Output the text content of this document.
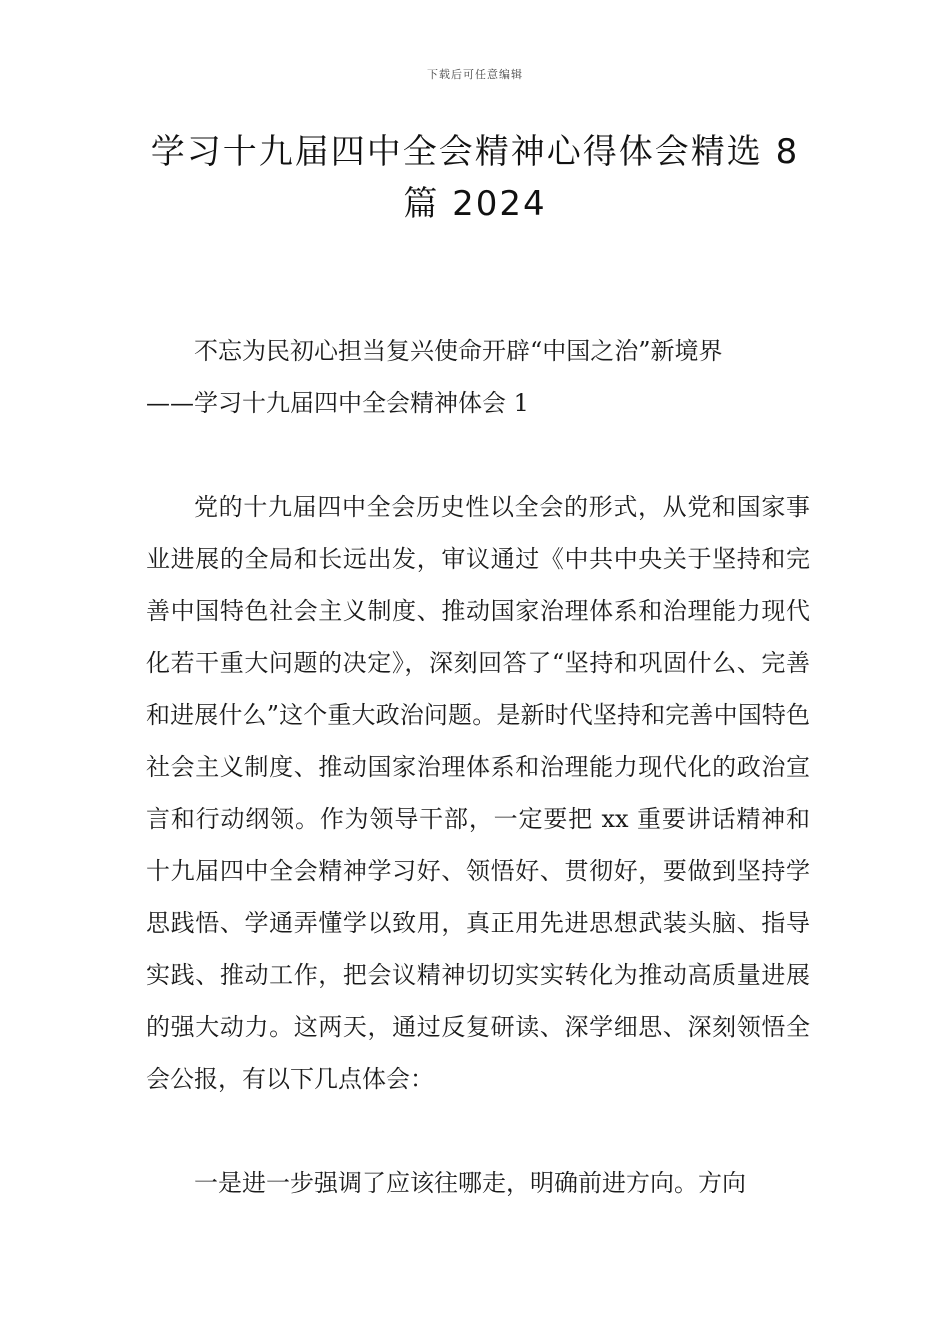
下载后可任意编辑
学习十九届四中全会精神心得体会精选 8
篇 2024

不忘为民初心担当复兴使命开辟“中国之治”新境界

——学习十九届四中全会精神体会 1

党的十九届四中全会历史性以全会的形式，从党和国家事业进展的全局和长远出发，审议通过《中共中央关于坚持和完善中国特色社会主义制度、推动国家治理体系和治理能力现代化若干重大问题的决定》，深刻回答了“坚持和巩固什么、完善和进展什么”这个重大政治问题。是新时代坚持和完善中国特色社会主义制度、推动国家治理体系和治理能力现代化的政治宣言和行动纲领。作为领导干部，一定要把 xx 重要讲话精神和十九届四中全会精神学习好、领悟好、贯彻好，要做到坚持学思践悟、学通弄懂学以致用，真正用先进思想武装头脑、指导实践、推动工作，把会议精神切切实实转化为推动高质量进展的强大动力。这两天，通过反复研读、深学细思、深刻领悟全会公报，有以下几点体会：

一是进一步强调了应该往哪走，明确前进方向。方向
